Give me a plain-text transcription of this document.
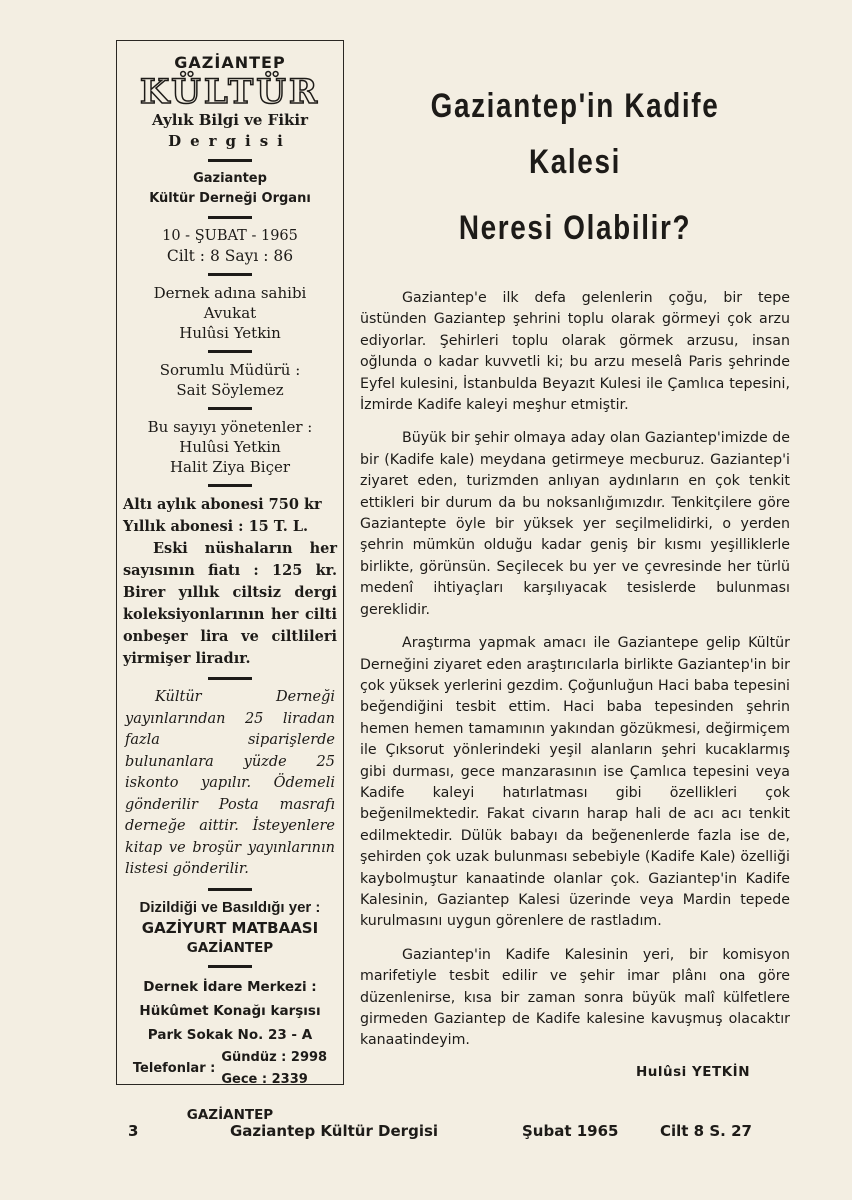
GAZİANTEP
KÜLTÜR
Aylık Bilgi ve Fikir
Dergisi
Gaziantep
Kültür Derneği Organı
10 - ŞUBAT - 1965
Cilt : 8 Sayı : 86
Dernek adına sahibi
Avukat
Hulûsi Yetkin
Sorumlu Müdürü :
Sait Söylemez
Bu sayıyı yönetenler :
Hulûsi Yetkin
Halit Ziya Biçer

Altı aylık abonesi 750 kr

Yıllık abonesi : 15 T. L.

Eski nüshaların her sayısının fiatı : 125 kr. Birer yıllık ciltsiz dergi koleksiyonlarının her cilti onbeşer lira ve ciltlileri yirmişer liradır.

Kültür Derneği yayınlarından 25 liradan fazla siparişlerde bulunanlara yüzde 25 iskonto yapılır. Ödemeli gönderilir Posta masrafı derneğe aittir. İsteyenlere kitap ve broşür yayınlarının listesi gönderilir.

Dizildiği ve Basıldığı yer :
GAZİYURT MATBAASI
GAZİANTEP
Dernek İdare Merkezi :
Hükûmet Konağı karşısı
Park Sokak No. 23 - A
Telefonlar :
Gündüz : 2998
Gece : 2339
GAZİANTEP
Gaziantep'in Kadife Kalesi
Neresi Olabilir?

Gaziantep'e ilk defa gelenlerin çoğu, bir tepe üstünden Gaziantep şehrini toplu olarak görmeyi çok arzu ediyorlar. Şehirleri toplu olarak görmek arzusu, insan oğlunda o kadar kuvvetli ki; bu arzu meselâ Paris şehrinde Eyfel kulesini, İstanbulda Beyazıt Kulesi ile Çamlıca tepesini, İzmirde Kadife kaleyi meşhur etmiştir.

Büyük bir şehir olmaya aday olan Gaziantep'imizde de bir (Kadife kale) meydana getirmeye mecburuz. Gaziantep'i ziyaret eden, turizmden anlıyan aydınların en çok tenkit ettikleri bir durum da bu noksanlığımızdır. Tenkitçilere göre Gaziantepte öyle bir yüksek yer seçilmelidirki, o yerden şehrin mümkün olduğu kadar geniş bir kısmı yeşilliklerle birlikte, görünsün. Seçilecek bu yer ve çevresinde her türlü medenî ihtiyaçları karşılıyacak tesislerde bulunması gereklidir.

Araştırma yapmak amacı ile Gaziantepe gelip Kültür Derneğini ziyaret eden araştırıcılarla birlikte Gaziantep'in bir çok yüksek yerlerini gezdim. Çoğunluğun Haci baba tepesini beğendiğini tesbit ettim. Haci baba tepesinden şehrin hemen hemen tamamının yakından gözükmesi, değirmiçem ile Çıksorut yönlerindeki yeşil alanların şehri kucaklarmış gibi durması, gece manzarasının ise Çamlıca tepesini veya Kadife kaleyi hatırlatması gibi özellikleri çok beğenilmektedir. Fakat civarın harap hali de acı acı tenkit edilmektedir. Dülük babayı da beğenenlerde fazla ise de, şehirden çok uzak bulunması sebebiyle (Kadife Kale) özelliği kaybolmuştur kanaatinde olanlar çok. Gaziantep'in Kadife Kalesinin, Gaziantep Kalesi üzerinde veya Mardin tepede kurulmasını uygun görenlere de rastladım.

Gaziantep'in Kadife Kalesinin yeri, bir komisyon marifetiyle tesbit edilir ve şehir imar plânı ona göre düzenlenirse, kısa bir zaman sonra büyük malî külfetlere girmeden Gaziantep de Kadife kalesine kavuşmuş olacaktır kanaatindeyim.

Hulûsi YETKİN
3	Gaziantep Kültür Dergisi	Şubat 1965	Cilt 8 S. 27
